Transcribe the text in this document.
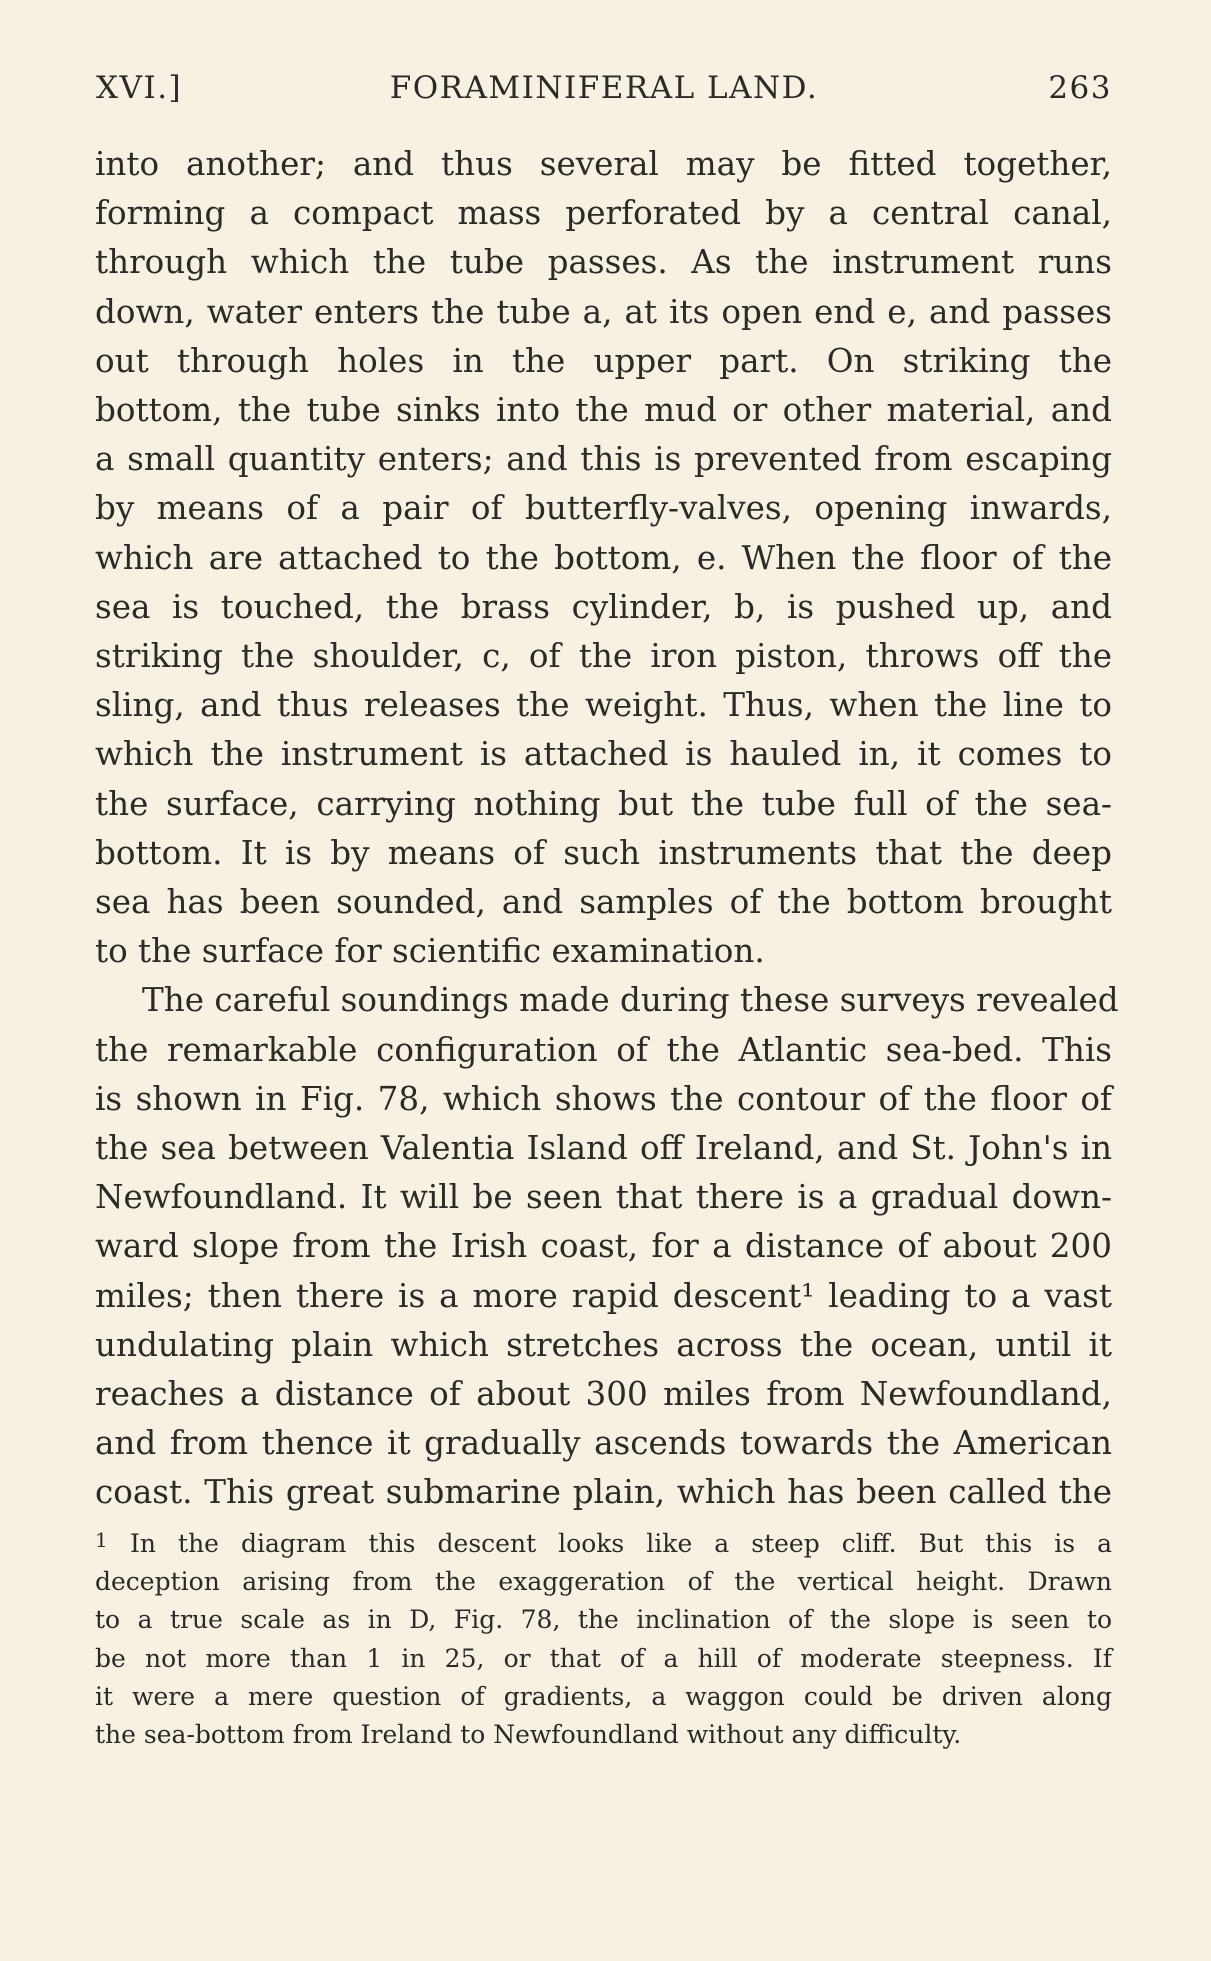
XVI.]	FORAMINIFERAL LAND.	263
into another; and thus several may be fitted together,
forming a compact mass perforated by a central canal,
through which the tube passes. As the instrument runs
down, water enters the tube a, at its open end e, and passes
out through holes in the upper part. On striking the
bottom, the tube sinks into the mud or other material, and
a small quantity enters; and this is prevented from escaping
by means of a pair of butterfly-valves, opening inwards,
which are attached to the bottom, e. When the floor of the
sea is touched, the brass cylinder, b, is pushed up, and
striking the shoulder, c, of the iron piston, throws off the
sling, and thus releases the weight. Thus, when the line to
which the instrument is attached is hauled in, it comes to
the surface, carrying nothing but the tube full of the sea-
bottom. It is by means of such instruments that the deep
sea has been sounded, and samples of the bottom brought
to the surface for scientific examination.
The careful soundings made during these surveys revealed
the remarkable configuration of the Atlantic sea-bed. This
is shown in Fig. 78, which shows the contour of the floor of
the sea between Valentia Island off Ireland, and St. John's in
Newfoundland. It will be seen that there is a gradual down-
ward slope from the Irish coast, for a distance of about 200
miles; then there is a more rapid descent¹ leading to a vast
undulating plain which stretches across the ocean, until it
reaches a distance of about 300 miles from Newfoundland,
and from thence it gradually ascends towards the American
coast. This great submarine plain, which has been called the
1 In the diagram this descent looks like a steep cliff. But this is a
deception arising from the exaggeration of the vertical height. Drawn
to a true scale as in D, Fig. 78, the inclination of the slope is seen to
be not more than 1 in 25, or that of a hill of moderate steepness. If
it were a mere question of gradients, a waggon could be driven along
the sea-bottom from Ireland to Newfoundland without any difficulty.
